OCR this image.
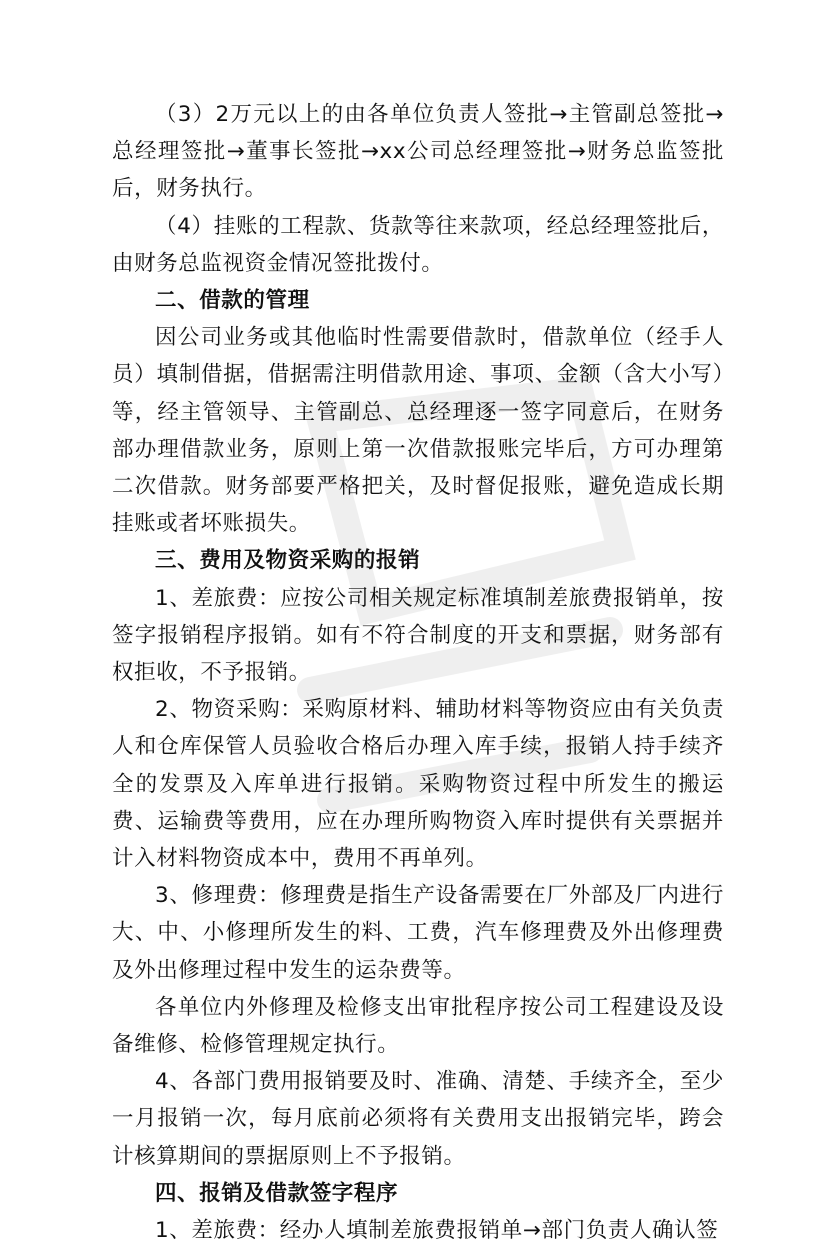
（3）2万元以上的由各单位负责人签批→主管副总签批→总经理签批→董事长签批→xx公司总经理签批→财务总监签批后，财务执行。

（4）挂账的工程款、货款等往来款项，经总经理签批后，由财务总监视资金情况签批拨付。

二、借款的管理

因公司业务或其他临时性需要借款时，借款单位（经手人员）填制借据，借据需注明借款用途、事项、金额（含大小写）等，经主管领导、主管副总、总经理逐一签字同意后，在财务部办理借款业务，原则上第一次借款报账完毕后，方可办理第二次借款。财务部要严格把关，及时督促报账，避免造成长期挂账或者坏账损失。

三、费用及物资采购的报销

1、差旅费：应按公司相关规定标准填制差旅费报销单，按签字报销程序报销。如有不符合制度的开支和票据，财务部有权拒收，不予报销。

2、物资采购：采购原材料、辅助材料等物资应由有关负责人和仓库保管人员验收合格后办理入库手续，报销人持手续齐全的发票及入库单进行报销。采购物资过程中所发生的搬运费、运输费等费用，应在办理所购物资入库时提供有关票据并计入材料物资成本中，费用不再单列。

3、修理费：修理费是指生产设备需要在厂外部及厂内进行大、中、小修理所发生的料、工费，汽车修理费及外出修理费及外出修理过程中发生的运杂费等。

各单位内外修理及检修支出审批程序按公司工程建设及设备维修、检修管理规定执行。

4、各部门费用报销要及时、准确、清楚、手续齐全，至少一月报销一次，每月底前必须将有关费用支出报销完毕，跨会计核算期间的票据原则上不予报销。

四、报销及借款签字程序

1、差旅费：经办人填制差旅费报销单→部门负责人确认签
